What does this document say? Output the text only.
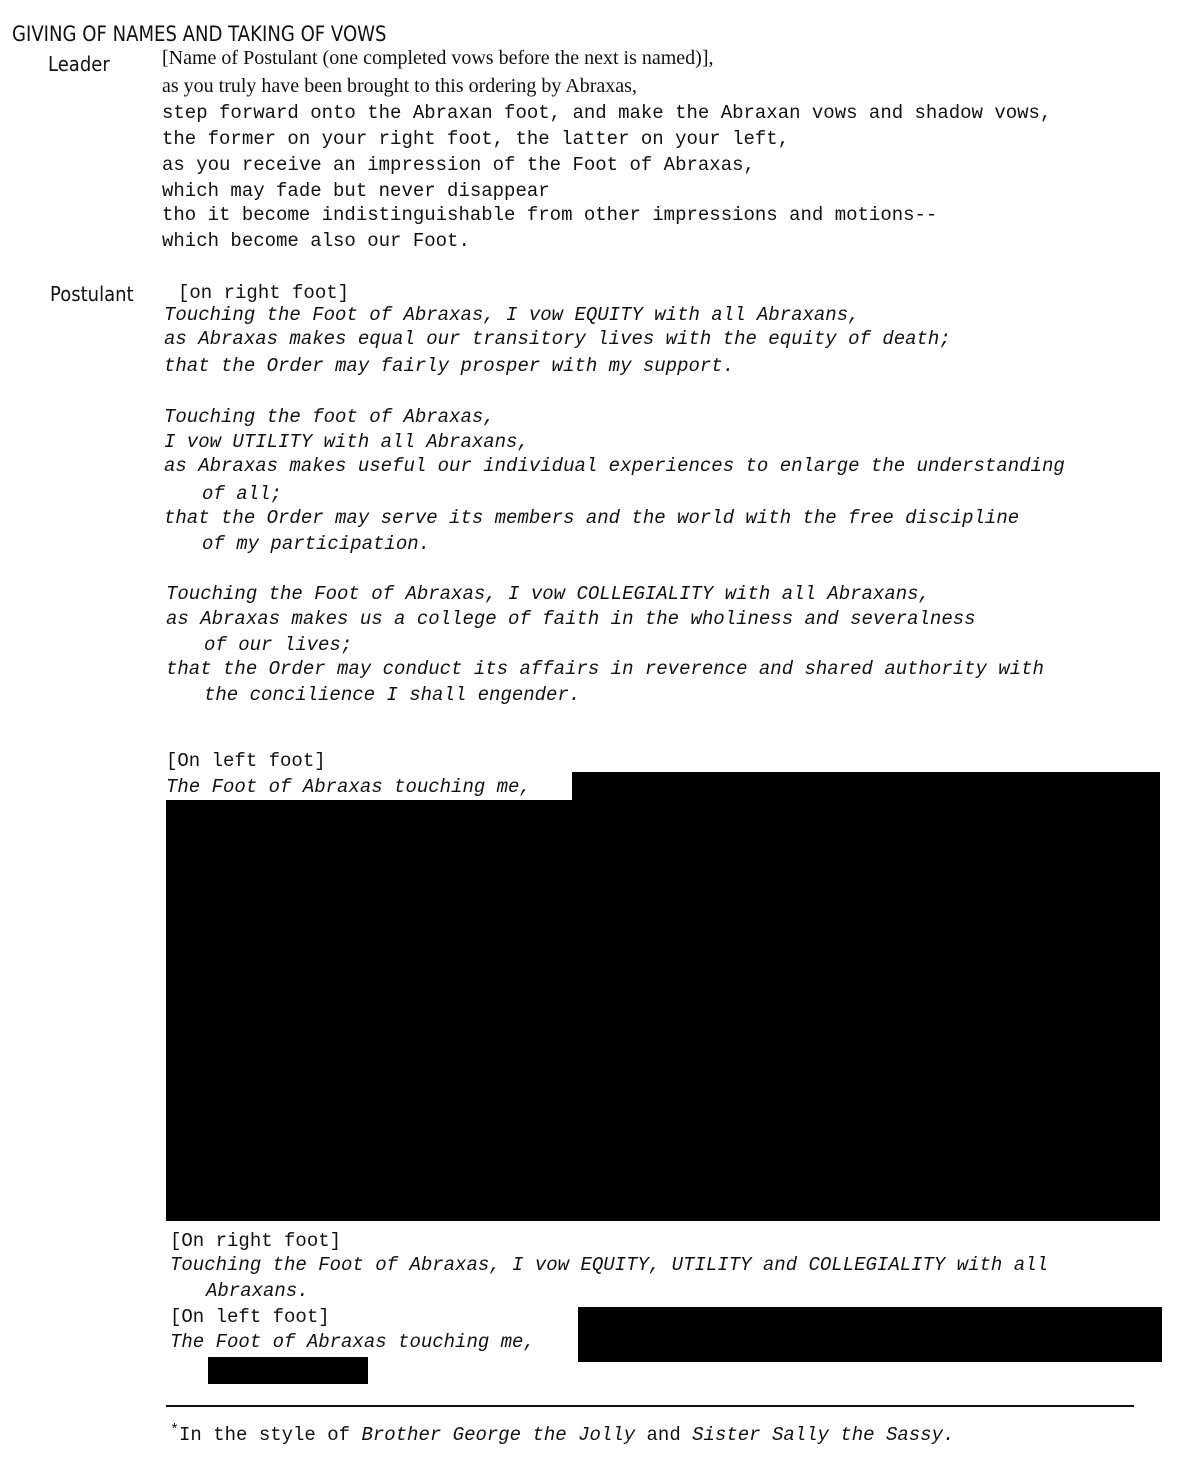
GIVING OF NAMES AND TAKING OF VOWS
Leader	[Name of Postulant (one completed vows before the next is named)],
as you truly have been brought to this ordering by Abraxas,
step forward onto the Abraxan foot, and make the Abraxan vows and shadow vows,
the former on your right foot, the latter on your left,
as you receive an impression of the Foot of Abraxas,
which may fade but never disappear
tho it become indistinguishable from other impressions and motions--
which become also our Foot.
Postulant [on right foot]
Touching the Foot of Abraxas, I vow EQUITY with all Abraxans,
as Abraxas makes equal our transitory lives with the equity of death;
that the Order may fairly prosper with my support.
Touching the foot of Abraxas,
I vow UTILITY with all Abraxans,
as Abraxas makes useful our individual experiences to enlarge the understanding
of all;
that the Order may serve its members and the world with the free discipline
of my participation.
Touching the Foot of Abraxas, I vow COLLEGIALITY with all Abraxans,
as Abraxas makes us a college of faith in the wholiness and severalness
of our lives;
that the Order may conduct its affairs in reverence and shared authority with
the concilience I shall engender.
[On left foot]
The Foot of Abraxas touching me,
[On right foot]
Touching the Foot of Abraxas, I vow EQUITY, UTILITY and COLLEGIALITY with all
Abraxans.
[On left foot]
The Foot of Abraxas touching me,
*In the style of Brother George the Jolly and Sister Sally the Sassy.
